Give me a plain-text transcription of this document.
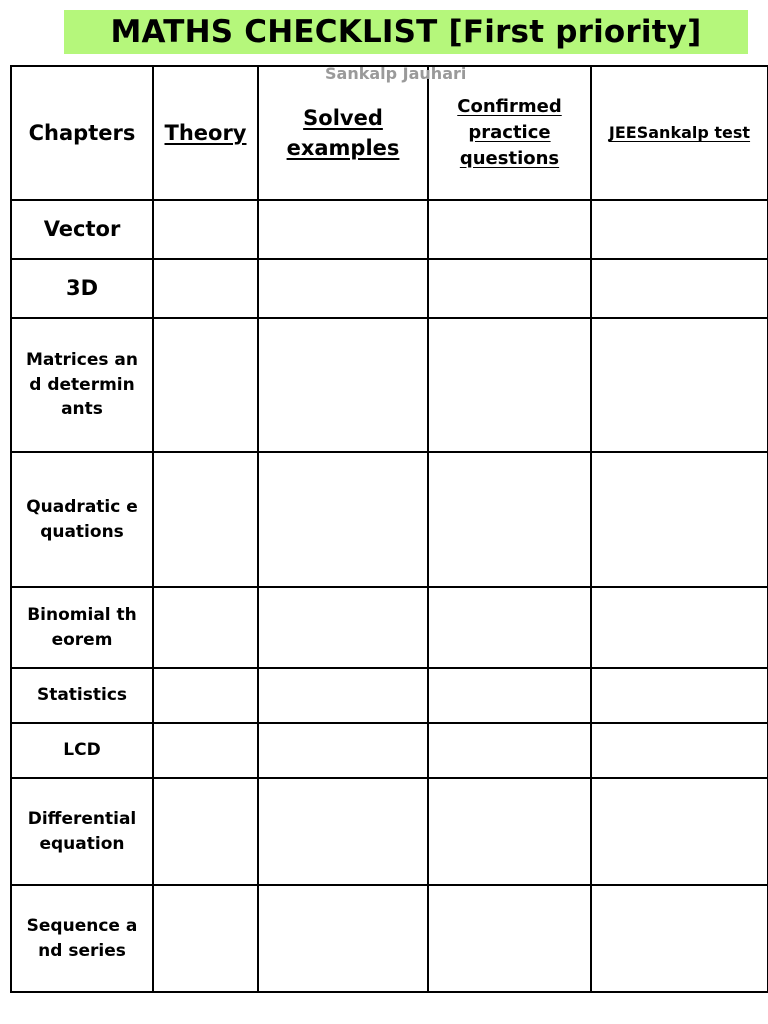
MATHS CHECKLIST [First priority]
Sankalp Jauhari
Chapters	Theory	Solved examples	Confirmed practice questions	JEESankalp test
Vector				
3D				
Matrices and determinants				
Quadratic equations				
Binomial theorem				
Statistics				
LCD				
Differential equation				
Sequence and series				
